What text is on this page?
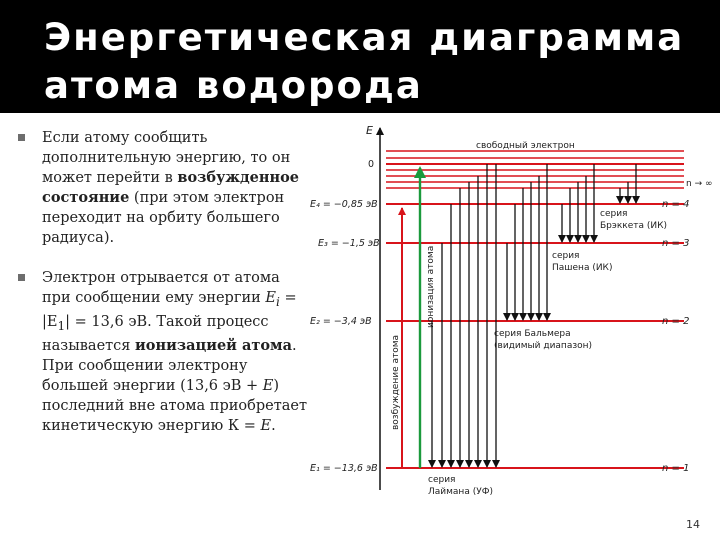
Энергетическая диаграмма атома водорода
Если атому сообщить дополнительную энергию, то он может перейти в возбужденное состояние (при этом электрон переходит на орбиту большего радиуса).
Электрон отрывается от атома при сообщении ему энергии $E_i = |E_1| = 13,6$ эВ. Такой процесс называется ионизацией атома. При сообщении электрону большей энергии (13,6 эВ + E) последний вне атома приобретает кинетическую энергию К = E.
E
свободный электрон
n → ∞
0
E₄ = −0,85 эВ
E₃ = −1,5 эВ
E₂ = −3,4 эВ
E₁ = −13,6 эВ
n = 4
n = 3
n = 2
n = 1
возбуждение атома
ионизация атома
серия
Брэккета (ИК)
серия
Пашена (ИК)
серия Бальмера
(видимый диапазон)
серия
Лаймана (УФ)
14
